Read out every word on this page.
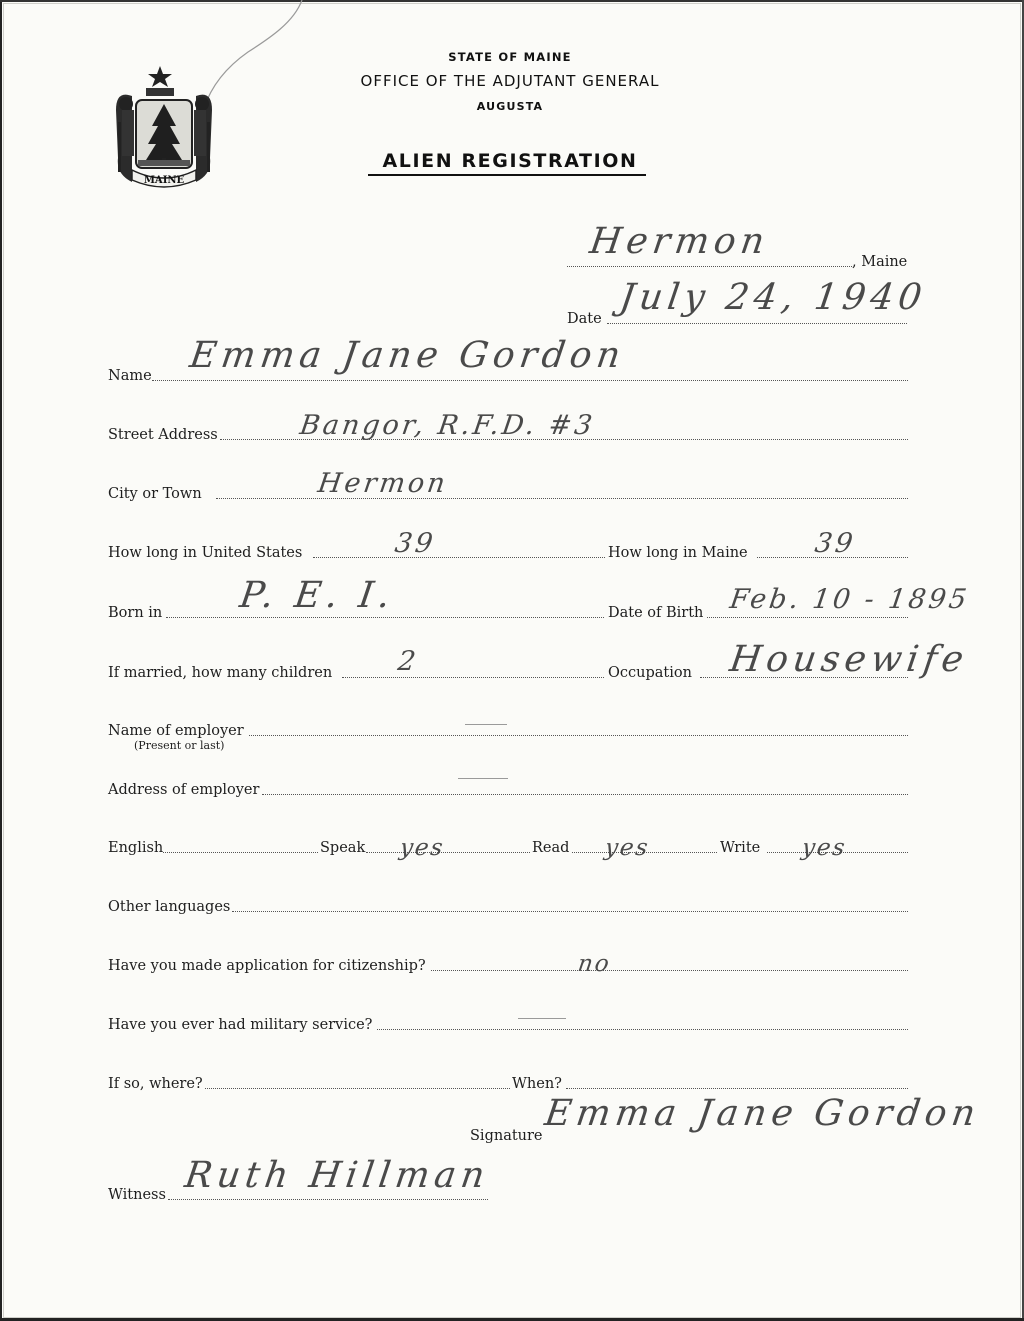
MAINE
STATE OF MAINE
OFFICE OF THE ADJUTANT GENERAL
AUGUSTA
ALIEN REGISTRATION
Hermon	, Maine
Date
July 24, 1940
Name Emma Jane Gordon
Street Address	Bangor, R.F.D. #3
City or Town	Hermon
How long in United States	39	How long in Maine 39
Born in P. E. I.	Date of Birth Feb. 10 - 1895
If married, how many children 2	Occupation Housewife
Name of employer
(Present or last)
Address of employer
English	Speak yes	Read yes	Write yes
Other languages
Have you made application for citizenship?	no
Have you ever had military service?
If so, where?	When?
Signature
Emma Jane Gordon
Witness Ruth Hillman
